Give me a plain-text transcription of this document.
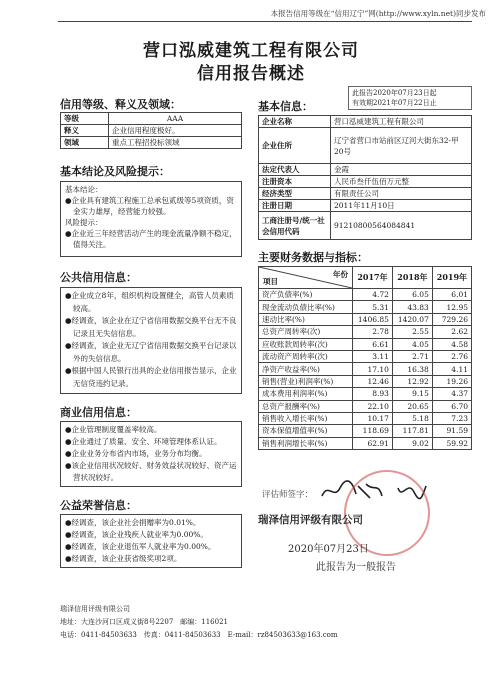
本报告信用等级在“信用辽宁”网(http://www.xyln.net)同步发布
营口泓威建筑工程有限公司
信用报告概述
此报告2020年07月23日起
有效期2021年07月22日止
信用等级、释义及领域：
等级	AAA
释义	企业信用程度极好。
领域	重点工程招投标领域
基本结论及风险提示：

基本结论：

●企业具有建筑工程施工总承包贰级等5项资质，资金实力雄厚，经营能力较强。

风险提示：

●企业近三年经营活动产生的现金流量净额不稳定，值得关注。

公共信用信息：

●企业成立8年，组织机构设置健全，高管人员素质较高。

●经调查，该企业在辽宁省信用数据交换平台无不良记录且无失信信息。

●经调查，该企业无辽宁省信用数据交换平台记录以外的失信信息。

●根据中国人民银行出具的企业信用报告显示，企业无信贷违约记录。

商业信用信息：

●企业管理制度覆盖率较高。

●企业通过了质量、安全、环境管理体系认证。

●企业业务分布省内市场，业务分布均衡。

●该企业信用状况较好、财务效益状况较好、资产运营状况较好。

公益荣誉信息：

●经调查，该企业社会捐赠率为0.01%。

●经调查，该企业残疾人就业率为0.00%。

●经调查，该企业退伍军人就业率为0.00%。

●经调查，该企业获省级奖项2项。

基本信息：
企业名称	营口泓威建筑工程有限公司
企业住所	辽宁省营口市站前区辽河大街东32-甲20号
法定代表人	金霞
注册资本	人民币叁仟伍佰万元整
经济类型	有限责任公司
注册日期	2011年11月10日
工商注册号/统一社会信用代码	91210800564084841
主要财务数据与指标：
年份
项目	2017年	2018年	2019年
资产负债率(%)	4.72	6.05	6.01
现金流动负债比率(%)	5.31	43.83	12.95
速动比率(%)	1406.85	1420.07	729.26
总资产周转率(次)	2.78	2.55	2.62
应收账款周转率(次)	6.61	4.05	4.58
流动资产周转率(次)	3.11	2.71	2.76
净资产收益率(%)	17.10	16.38	4.11
销售(营业)利润率(%)	12.46	12.92	19.26
成本费用利润率(%)	8.93	9.15	4.37
总资产报酬率(%)	22.10	20.65	6.70
销售收入增长率(%)	10.17	5.18	7.23
资本保值增值率(%)	118.69	117.81	91.59
销售利润增长率(%)	62.91	9.02	59.92
评估师签字：
瑞泽信用评级有限公司
2020年07月23日
此报告为一般报告
瑞泽信用评级有限公司
地址：大连沙河口区成义街8号2207　邮编：116021
电话：0411-84503633　传真：0411-84503633　E-mail：rz84503633@163.com
